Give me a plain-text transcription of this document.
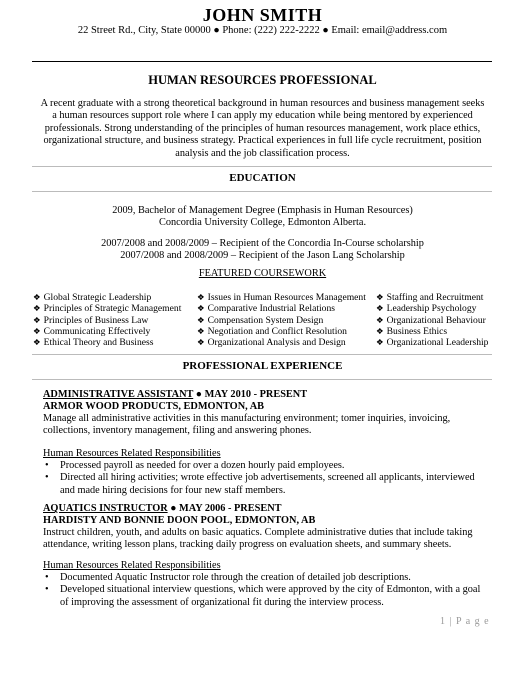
JOHN SMITH
22 Street Rd., City, State 00000 ● Phone: (222) 222-2222 ● Email: email@address.com
HUMAN RESOURCES PROFESSIONAL
A recent graduate with a strong theoretical background in human resources and business management seeks a human resources support role where I can apply my education while being mentored by experienced professionals. Strong understanding of the principles of human resources management, work place ethics, organizational structure, and business strategy. Practical experiences in full life cycle recruitment, position analysis and the job classification process.
EDUCATION
2009, Bachelor of Management Degree (Emphasis in Human Resources)
Concordia University College, Edmonton Alberta.
2007/2008 and 2008/2009 – Recipient of the Concordia In-Course scholarship
2007/2008 and 2008/2009 – Recipient of the Jason Lang Scholarship
FEATURED COURSEWORK
❖ Global Strategic Leadership
❖ Principles of Strategic Management
❖ Principles of Business Law
❖ Communicating Effectively
❖ Ethical Theory and Business
❖ Issues in Human Resources Management
❖ Comparative Industrial Relations
❖ Compensation System Design
❖ Negotiation and Conflict Resolution
❖ Organizational Analysis and Design
❖ Staffing and Recruitment
❖ Leadership Psychology
❖ Organizational Behaviour
❖ Business Ethics
❖ Organizational Leadership
PROFESSIONAL EXPERIENCE
ADMINISTRATIVE ASSISTANT ● MAY 2010 - PRESENT
ARMOR WOOD PRODUCTS, EDMONTON, AB
Manage all administrative activities in this manufacturing environment; tomer inquiries, invoicing, collections, inventory management, filing and answering phones.
Human Resources Related Responsibilities
• Processed payroll as needed for over a dozen hourly paid employees.
• Directed all hiring activities; wrote effective job advertisements, screened all applicants, interviewed and made hiring decisions for four new staff members.
AQUATICS INSTRUCTOR ● MAY 2006 - PRESENT
HARDISTY AND BONNIE DOON POOL, EDMONTON, AB
Instruct children, youth, and adults on basic aquatics. Complete administrative duties that include taking attendance, writing lesson plans, tracking daily progress on evaluation sheets, and summary sheets.
Human Resources Related Responsibilities
• Documented Aquatic Instructor role through the creation of detailed job descriptions.
• Developed situational interview questions, which were approved by the city of Edmonton, with a goal of improving the assessment of organizational fit during the interview process.
1 | P a g e
